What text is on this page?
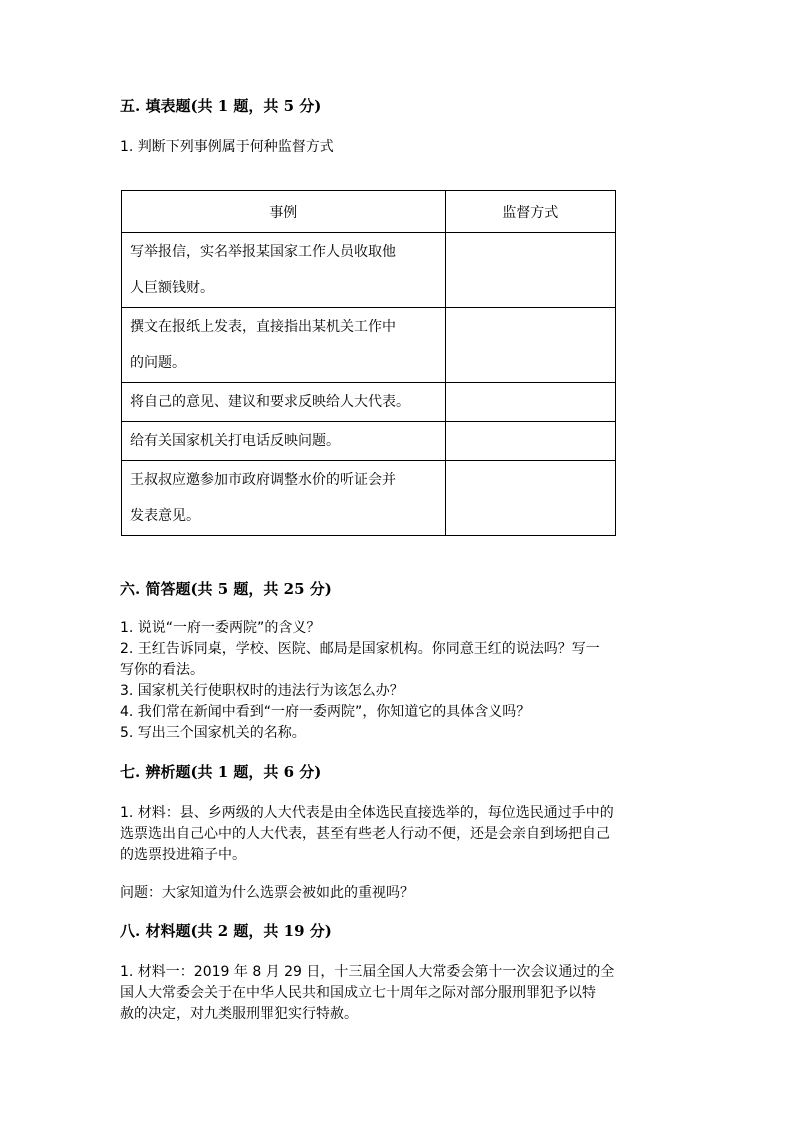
五. 填表题(共 1 题，共 5 分)
1. 判断下列事例属于何种监督方式
事例	监督方式

写举报信，实名举报某国家工作人员收取他
人巨额钱财。	

撰文在报纸上发表，直接指出某机关工作中
的问题。	

将自己的意见、建议和要求反映给人大代表。	

给有关国家机关打电话反映问题。	

王叔叔应邀参加市政府调整水价的听证会并
发表意见。	

六. 简答题(共 5 题，共 25 分)
1. 说说“一府一委两院”的含义？
2. 王红告诉同桌，学校、医院、邮局是国家机构。你同意王红的说法吗？写一
写你的看法。
3. 国家机关行使职权时的违法行为该怎么办？
4. 我们常在新闻中看到“一府一委两院”，你知道它的具体含义吗？
5. 写出三个国家机关的名称。
七. 辨析题(共 1 题，共 6 分)
1. 材料：县、乡两级的人大代表是由全体选民直接选举的，每位选民通过手中的
选票选出自己心中的人大代表，甚至有些老人行动不便，还是会亲自到场把自己
的选票投进箱子中。
问题：大家知道为什么选票会被如此的重视吗？
八. 材料题(共 2 题，共 19 分)
1. 材料一：2019 年 8 月 29 日，十三届全国人大常委会第十一次会议通过的全
国人大常委会关于在中华人民共和国成立七十周年之际对部分服刑罪犯予以特
赦的决定，对九类服刑罪犯实行特赦。
